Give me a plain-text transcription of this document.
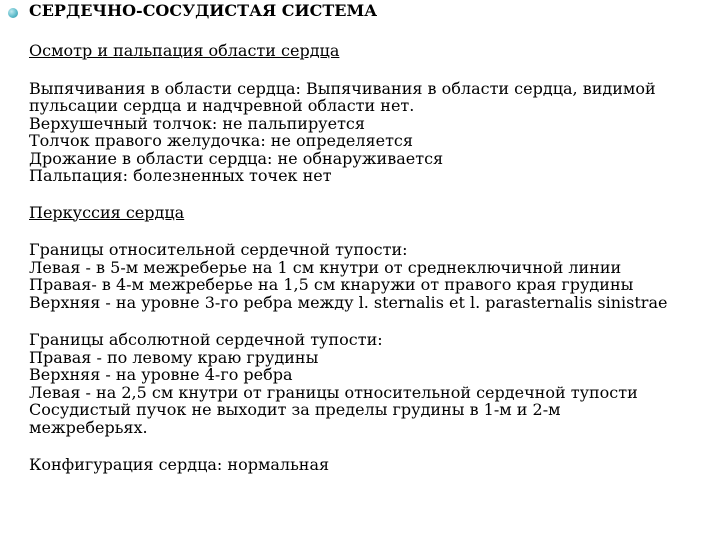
СЕРДЕЧНО-СОСУДИСТАЯ СИСТЕМА

Осмотр и пальпация области сердца

Выпячивания в области сердца: Выпячивания в области сердца, видимой
пульсации сердца и надчревной области нет.
Верхушечный толчок: не пальпируется
Толчок правого желудочка: не определяется
Дрожание в области сердца: не обнаруживается
Пальпация: болезненных точек нет

Перкуссия сердца

Границы относительной сердечной тупости:
Левая - в 5-м межреберье на 1 см кнутри от среднеключичной линии
Правая- в 4-м межреберье на 1,5 см кнаружи от правого края грудины
Верхняя - на уровне 3-го ребра между l. sternalis et l. parasternalis sinistrae

Границы абсолютной сердечной тупости:
Правая - по левому краю грудины
Верхняя - на уровне 4-го ребра
Левая - на 2,5 см кнутри от границы относительной сердечной тупости
Сосудистый пучок не выходит за пределы грудины в 1-м и 2-м
межреберьях.

Конфигурация сердца: нормальная
